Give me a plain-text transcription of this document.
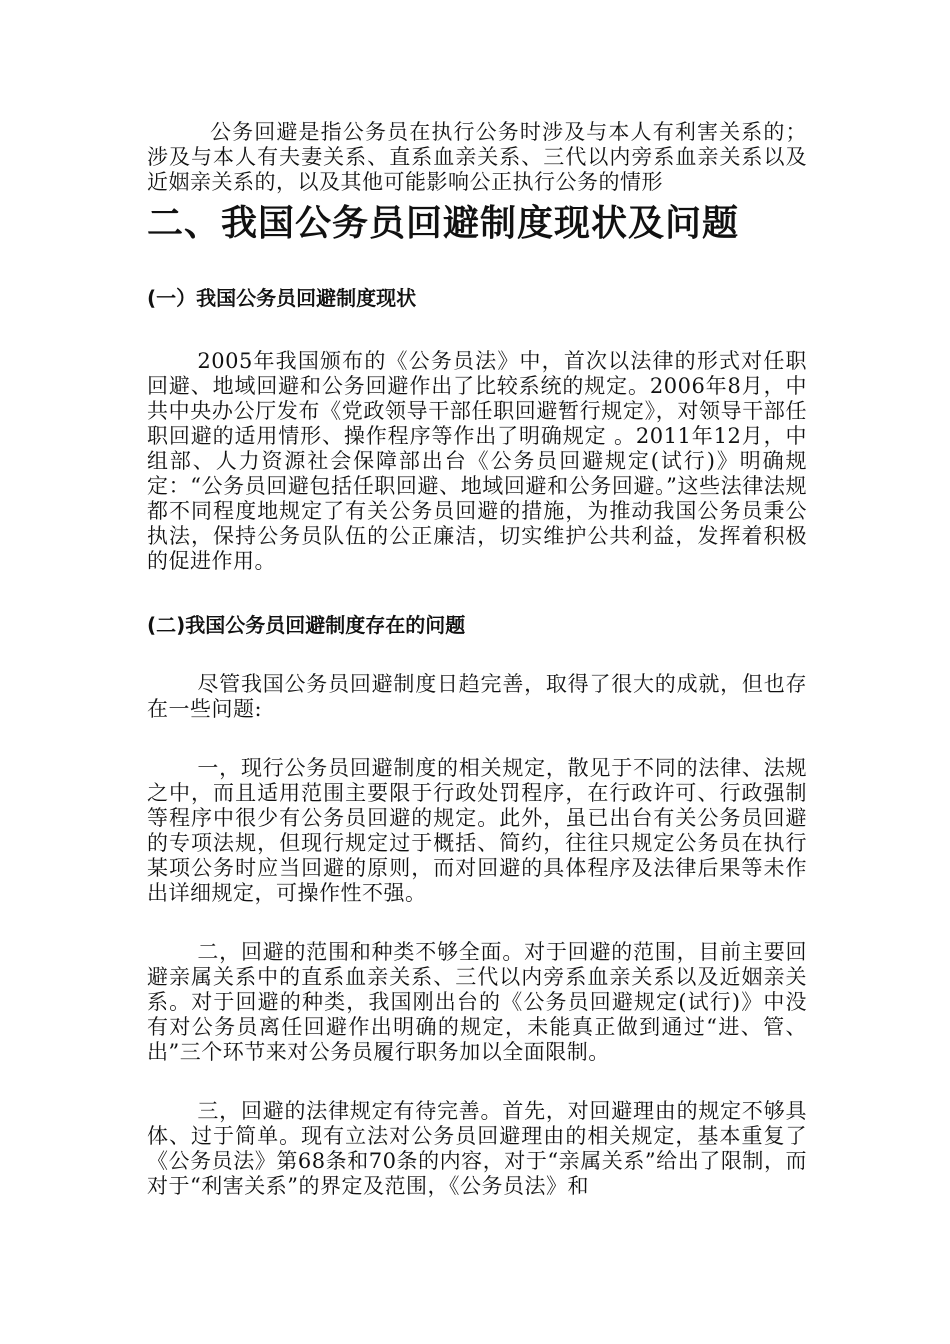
公务回避是指公务员在执行公务时涉及与本人有利害关系的；涉及与本人有夫妻关系、直系血亲关系、三代以内旁系血亲关系以及近姻亲关系的，以及其他可能影响公正执行公务的情形

二、我国公务员回避制度现状及问题
(一）我国公务员回避制度现状

2005年我国颁布的《公务员法》中，首次以法律的形式对任职回避、地域回避和公务回避作出了比较系统的规定。2006年8月，中共中央办公厅发布《党政领导干部任职回避暂行规定》，对领导干部任职回避的适用情形、操作程序等作出了明确规定 。2011年12月，中组部、人力资源社会保障部出台《公务员回避规定(试行)》明确规定：“公务员回避包括任职回避、地域回避和公务回避。”这些法律法规都不同程度地规定了有关公务员回避的措施，为推动我国公务员秉公执法，保持公务员队伍的公正廉洁，切实维护公共利益，发挥着积极的促进作用。

(二)我国公务员回避制度存在的问题

尽管我国公务员回避制度日趋完善，取得了很大的成就，但也存在一些问题:

一，现行公务员回避制度的相关规定，散见于不同的法律、法规之中，而且适用范围主要限于行政处罚程序，在行政许可、行政强制等程序中很少有公务员回避的规定。此外，虽已出台有关公务员回避的专项法规，但现行规定过于概括、简约，往往只规定公务员在执行某项公务时应当回避的原则，而对回避的具体程序及法律后果等未作出详细规定，可操作性不强。

二，回避的范围和种类不够全面。对于回避的范围，目前主要回避亲属关系中的直系血亲关系、三代以内旁系血亲关系以及近姻亲关系。对于回避的种类，我国刚出台的《公务员回避规定(试行)》中没有对公务员离任回避作出明确的规定，未能真正做到通过“进、管、出”三个环节来对公务员履行职务加以全面限制。

三，回避的法律规定有待完善。首先，对回避理由的规定不够具体、过于简单。现有立法对公务员回避理由的相关规定，基本重复了《公务员法》第68条和70条的内容，对于“亲属关系”给出了限制，而对于“利害关系”的界定及范围，《公务员法》和
